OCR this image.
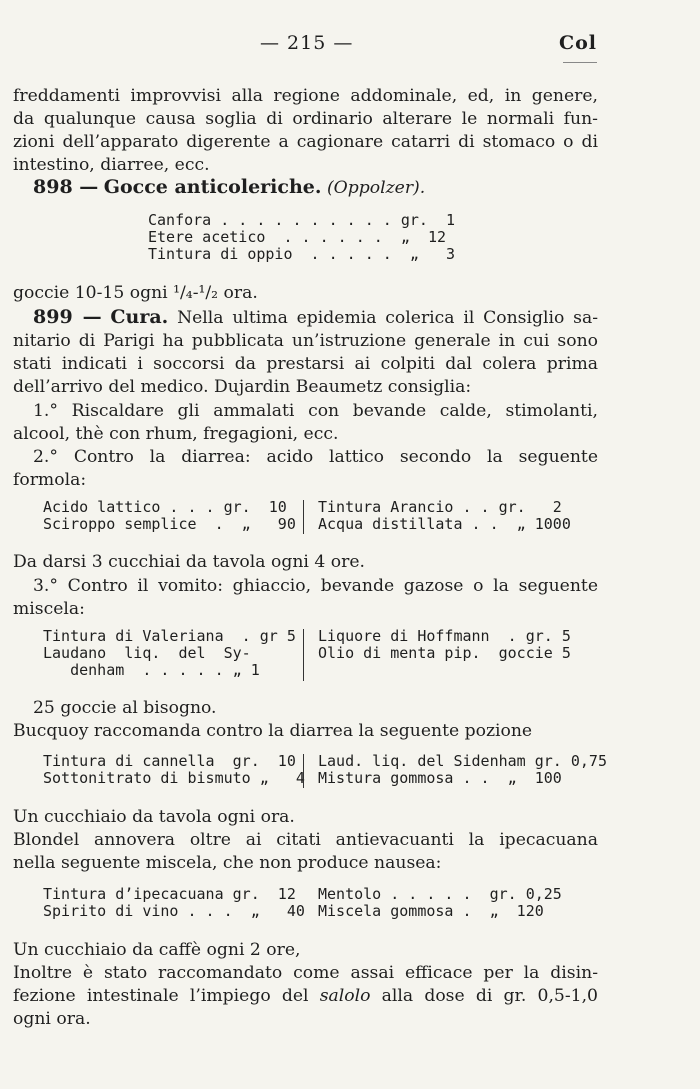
— 215 —	Col
freddamenti improvvisi alla regione addominale, ed, in genere,
da qualunque causa soglia di ordinario alterare le normali fun-
zioni dell’apparato digerente a cagionare catarri di stomaco o di
intestino, diarree, ecc.
898 — Gocce anticoleriche. (Oppolzer).
Canfora . . . . . . . . . . gr.  1
Etere acetico  . . . . . .  „  12
Tintura di oppio  . . . . .  „   3
goccie 10-15 ogni ¹/₄-¹/₂ ora.
899 — Cura. Nella ultima epidemia colerica il Consiglio sa-
nitario di Parigi ha pubblicata un’istruzione generale in cui sono
stati indicati i soccorsi da prestarsi ai colpiti dal colera prima
dell’arrivo del medico. Dujardin Beaumetz consiglia:
1.° Riscaldare gli ammalati con bevande calde, stimolanti,
alcool, thè con rhum, fregagioni, ecc.
2.° Contro la diarrea: acido lattico secondo la seguente
formola:
Acido lattico . . . gr.  10
Sciroppo semplice  .  „   90
Tintura Arancio . . gr.   2
Acqua distillata . .  „ 1000
Da darsi 3 cucchiai da tavola ogni 4 ore.
3.° Contro il vomito: ghiaccio, bevande gazose o la seguente
miscela:
Tintura di Valeriana  . gr 5
Laudano  liq.  del  Sy-
denham  . . . . . „ 1
Liquore di Hoffmann  . gr. 5
Olio di menta pip.  goccie 5
25 goccie al bisogno.
Bucquoy raccomanda contro la diarrea la seguente pozione
Tintura di cannella  gr.  10
Sottonitrato di bismuto „   4
Laud. liq. del Sidenham gr. 0,75
Mistura gommosa . .  „  100
Un cucchiaio da tavola ogni ora.
Blondel annovera oltre ai citati antievacuanti la ipecacuana
nella seguente miscela, che non produce nausea:
Tintura d’ipecacuana gr.  12
Spirito di vino . . .  „   40
Mentolo . . . . .  gr. 0,25
Miscela gommosa .  „  120
Un cucchiaio da caffè ogni 2 ore,
Inoltre è stato raccomandato come assai efficace per la disin-
fezione intestinale l’impiego del salolo alla dose di gr. 0,5-1,0
ogni ora.
